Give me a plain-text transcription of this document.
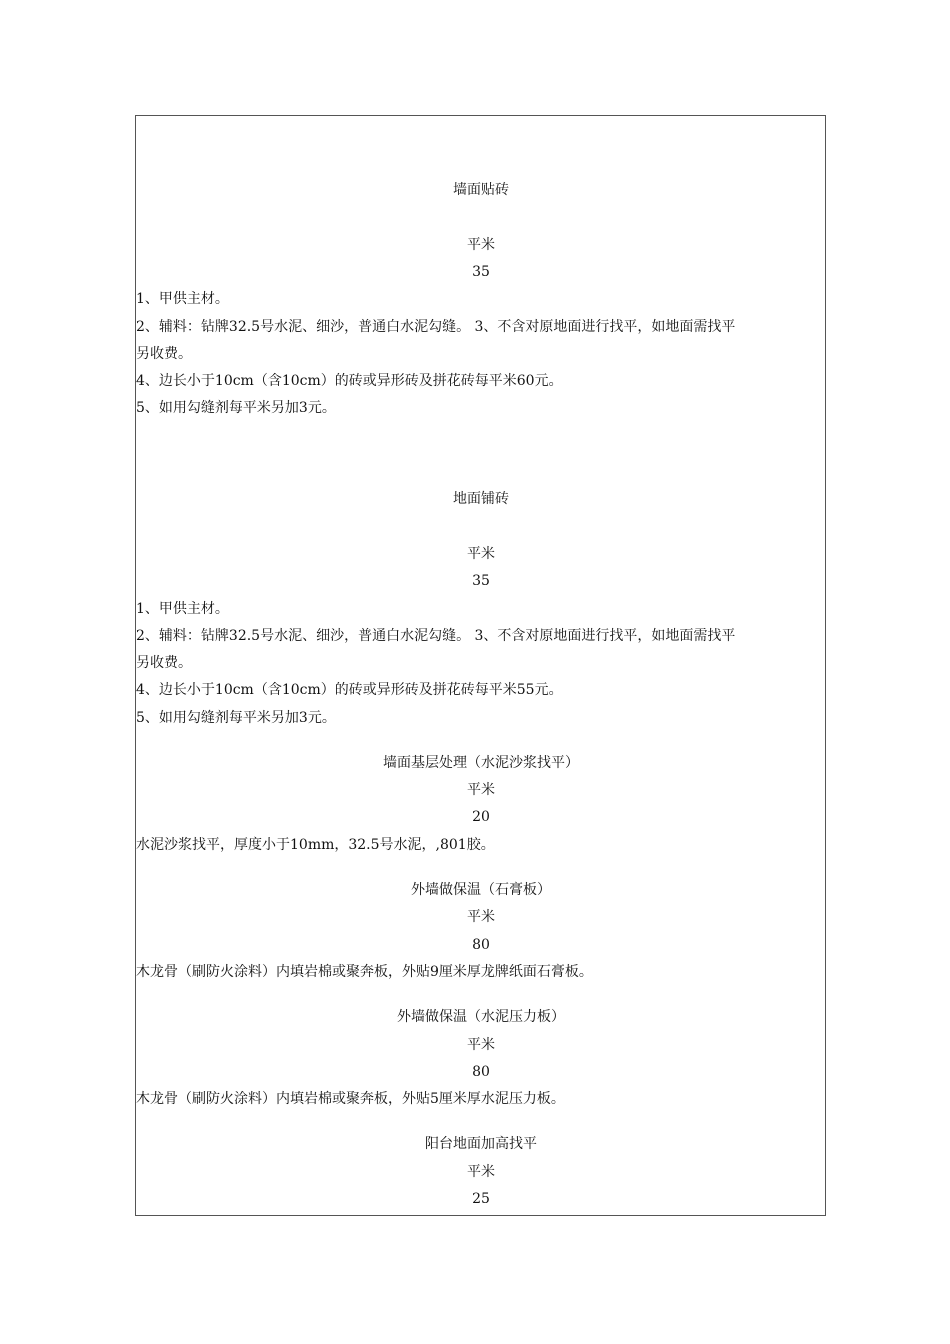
墙面贴砖

平米

35

1、甲供主材。

2、辅料：钻牌32.5号水泥、细沙，普通白水泥勾缝。 3、不含对原地面进行找平，如地面需找平

另收费。

4、边长小于10cm（含10cm）的砖或异形砖及拼花砖每平米60元。

5、如用勾缝剂每平米另加3元。

地面铺砖

平米

35

1、甲供主材。

2、辅料：钻牌32.5号水泥、细沙，普通白水泥勾缝。 3、不含对原地面进行找平，如地面需找平

另收费。

4、边长小于10cm（含10cm）的砖或异形砖及拼花砖每平米55元。

5、如用勾缝剂每平米另加3元。

墙面基层处理（水泥沙浆找平）

平米

20

水泥沙浆找平，厚度小于10mm，32.5号水泥，,801胶。

外墙做保温（石膏板）

平米

80

木龙骨（刷防火涂料）内填岩棉或聚奔板，外贴9厘米厚龙牌纸面石膏板。

外墙做保温（水泥压力板）

平米

80

木龙骨（刷防火涂料）内填岩棉或聚奔板，外贴5厘米厚水泥压力板。

阳台地面加高找平

平米

25
